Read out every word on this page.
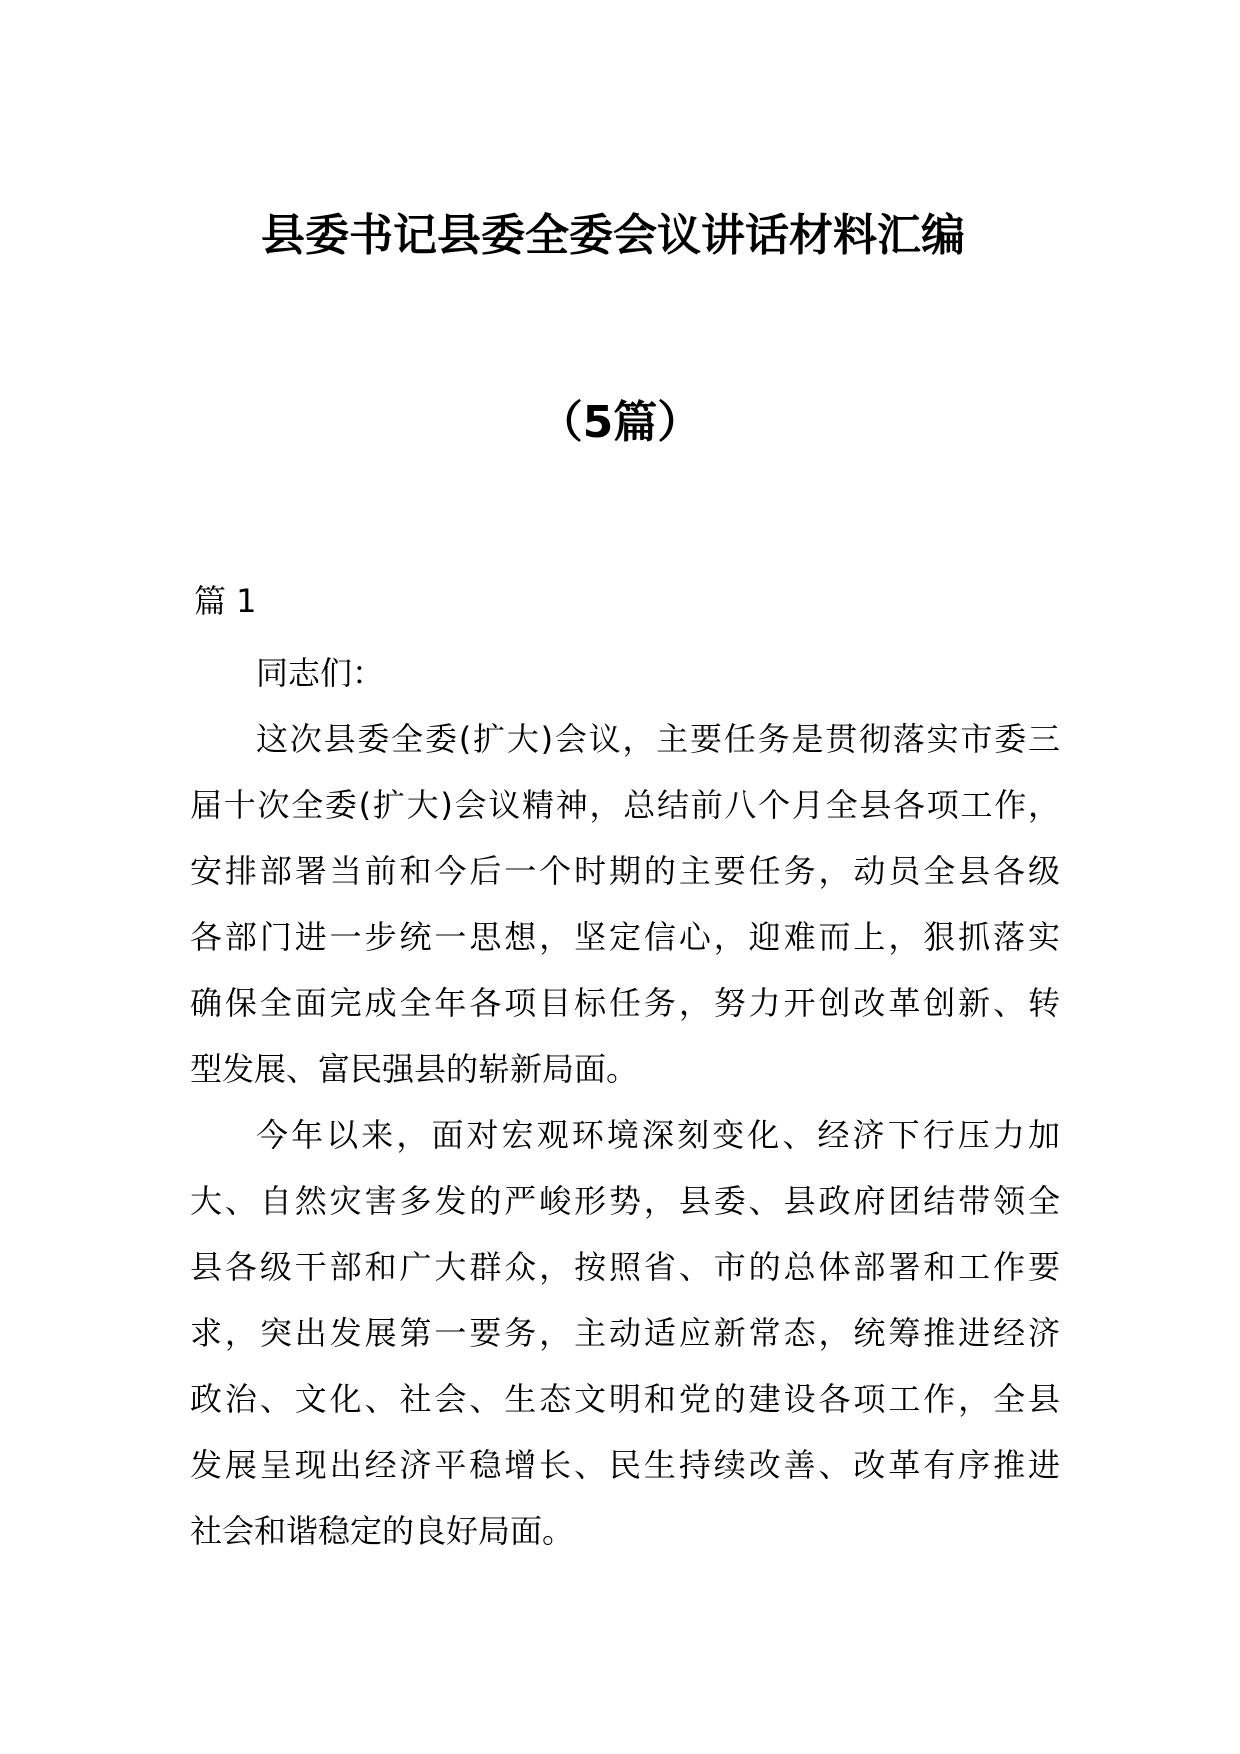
县委书记县委全委会议讲话材料汇编
（5篇）

篇 1

同志们：

这次县委全委(扩大)会议，主要任务是贯彻落实市委三

届十次全委(扩大)会议精神，总结前八个月全县各项工作，

安排部署当前和今后一个时期的主要任务，动员全县各级

各部门进一步统一思想，坚定信心，迎难而上，狠抓落实

确保全面完成全年各项目标任务，努力开创改革创新、转

型发展、富民强县的崭新局面。

今年以来，面对宏观环境深刻变化、经济下行压力加

大、自然灾害多发的严峻形势，县委、县政府团结带领全

县各级干部和广大群众，按照省、市的总体部署和工作要

求，突出发展第一要务，主动适应新常态，统筹推进经济

政治、文化、社会、生态文明和党的建设各项工作，全县

发展呈现出经济平稳增长、民生持续改善、改革有序推进

社会和谐稳定的良好局面。
